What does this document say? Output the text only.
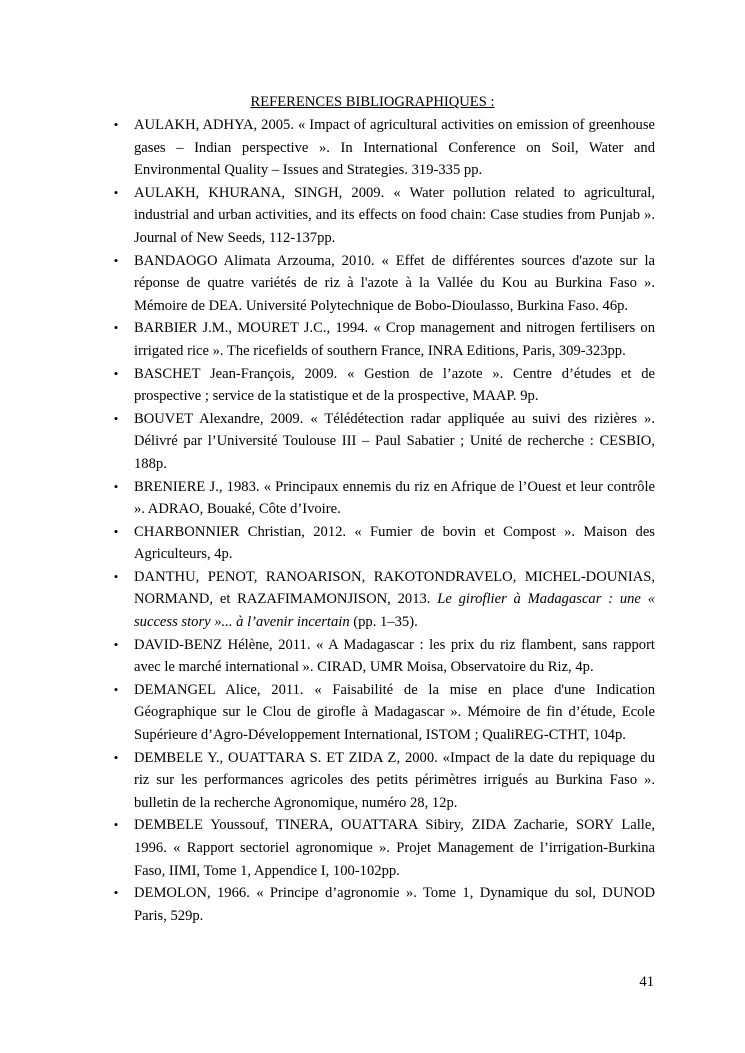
REFERENCES BIBLIOGRAPHIQUES :
• AULAKH, ADHYA, 2005. « Impact of agricultural activities on emission of greenhouse gases – Indian perspective ». In International Conference on Soil, Water and Environmental Quality – Issues and Strategies. 319-335 pp.
• AULAKH, KHURANA, SINGH, 2009. « Water pollution related to agricultural, industrial and urban activities, and its effects on food chain: Case studies from Punjab ». Journal of New Seeds, 112-137pp.
• BANDAOGO Alimata Arzouma, 2010. « Effet de différentes sources d'azote sur la réponse de quatre variétés de riz à l'azote à la Vallée du Kou au Burkina Faso ». Mémoire de DEA. Université Polytechnique de Bobo-Dioulasso, Burkina Faso. 46p.
• BARBIER J.M., MOURET J.C., 1994. « Crop management and nitrogen fertilisers on irrigated rice ». The ricefields of southern France, INRA Editions, Paris, 309-323pp.
• BASCHET Jean-François, 2009. « Gestion de l’azote ». Centre d’études et de prospective ; service de la statistique et de la prospective, MAAP. 9p.
• BOUVET Alexandre, 2009. « Télédétection radar appliquée au suivi des rizières ». Délivré par l’Université Toulouse III – Paul Sabatier ; Unité de recherche : CESBIO, 188p.
• BRENIERE J., 1983. « Principaux ennemis du riz en Afrique de l’Ouest et leur contrôle ». ADRAO, Bouaké, Côte d’Ivoire.
• CHARBONNIER Christian, 2012. « Fumier de bovin et Compost ». Maison des Agriculteurs, 4p.
• DANTHU, PENOT, RANOARISON, RAKOTONDRAVELO, MICHEL-DOUNIAS, NORMAND, et RAZAFIMAMONJISON, 2013. Le giroflier à Madagascar : une « success story »... à l’avenir incertain (pp. 1–35).
• DAVID-BENZ Hélène, 2011. « A Madagascar : les prix du riz flambent, sans rapport avec le marché international ». CIRAD, UMR Moisa, Observatoire du Riz, 4p.
• DEMANGEL Alice, 2011. « Faisabilité de la mise en place d'une Indication Géographique sur le Clou de girofle à Madagascar ». Mémoire de fin d’étude, Ecole Supérieure d’Agro-Développement International, ISTOM ; QualiREG-CTHT, 104p.
• DEMBELE Y., OUATTARA S. ET ZIDA Z, 2000. «Impact de la date du repiquage du riz sur les performances agricoles des petits périmètres irrigués au Burkina Faso ». bulletin de la recherche Agronomique, numéro 28, 12p.
• DEMBELE Youssouf, TINERA, OUATTARA Sibiry, ZIDA Zacharie, SORY Lalle, 1996. « Rapport sectoriel agronomique ». Projet Management de l’irrigation-Burkina Faso, IIMI, Tome 1, Appendice I, 100-102pp.
• DEMOLON, 1966. « Principe d’agronomie ». Tome 1, Dynamique du sol, DUNOD Paris, 529p.
41
